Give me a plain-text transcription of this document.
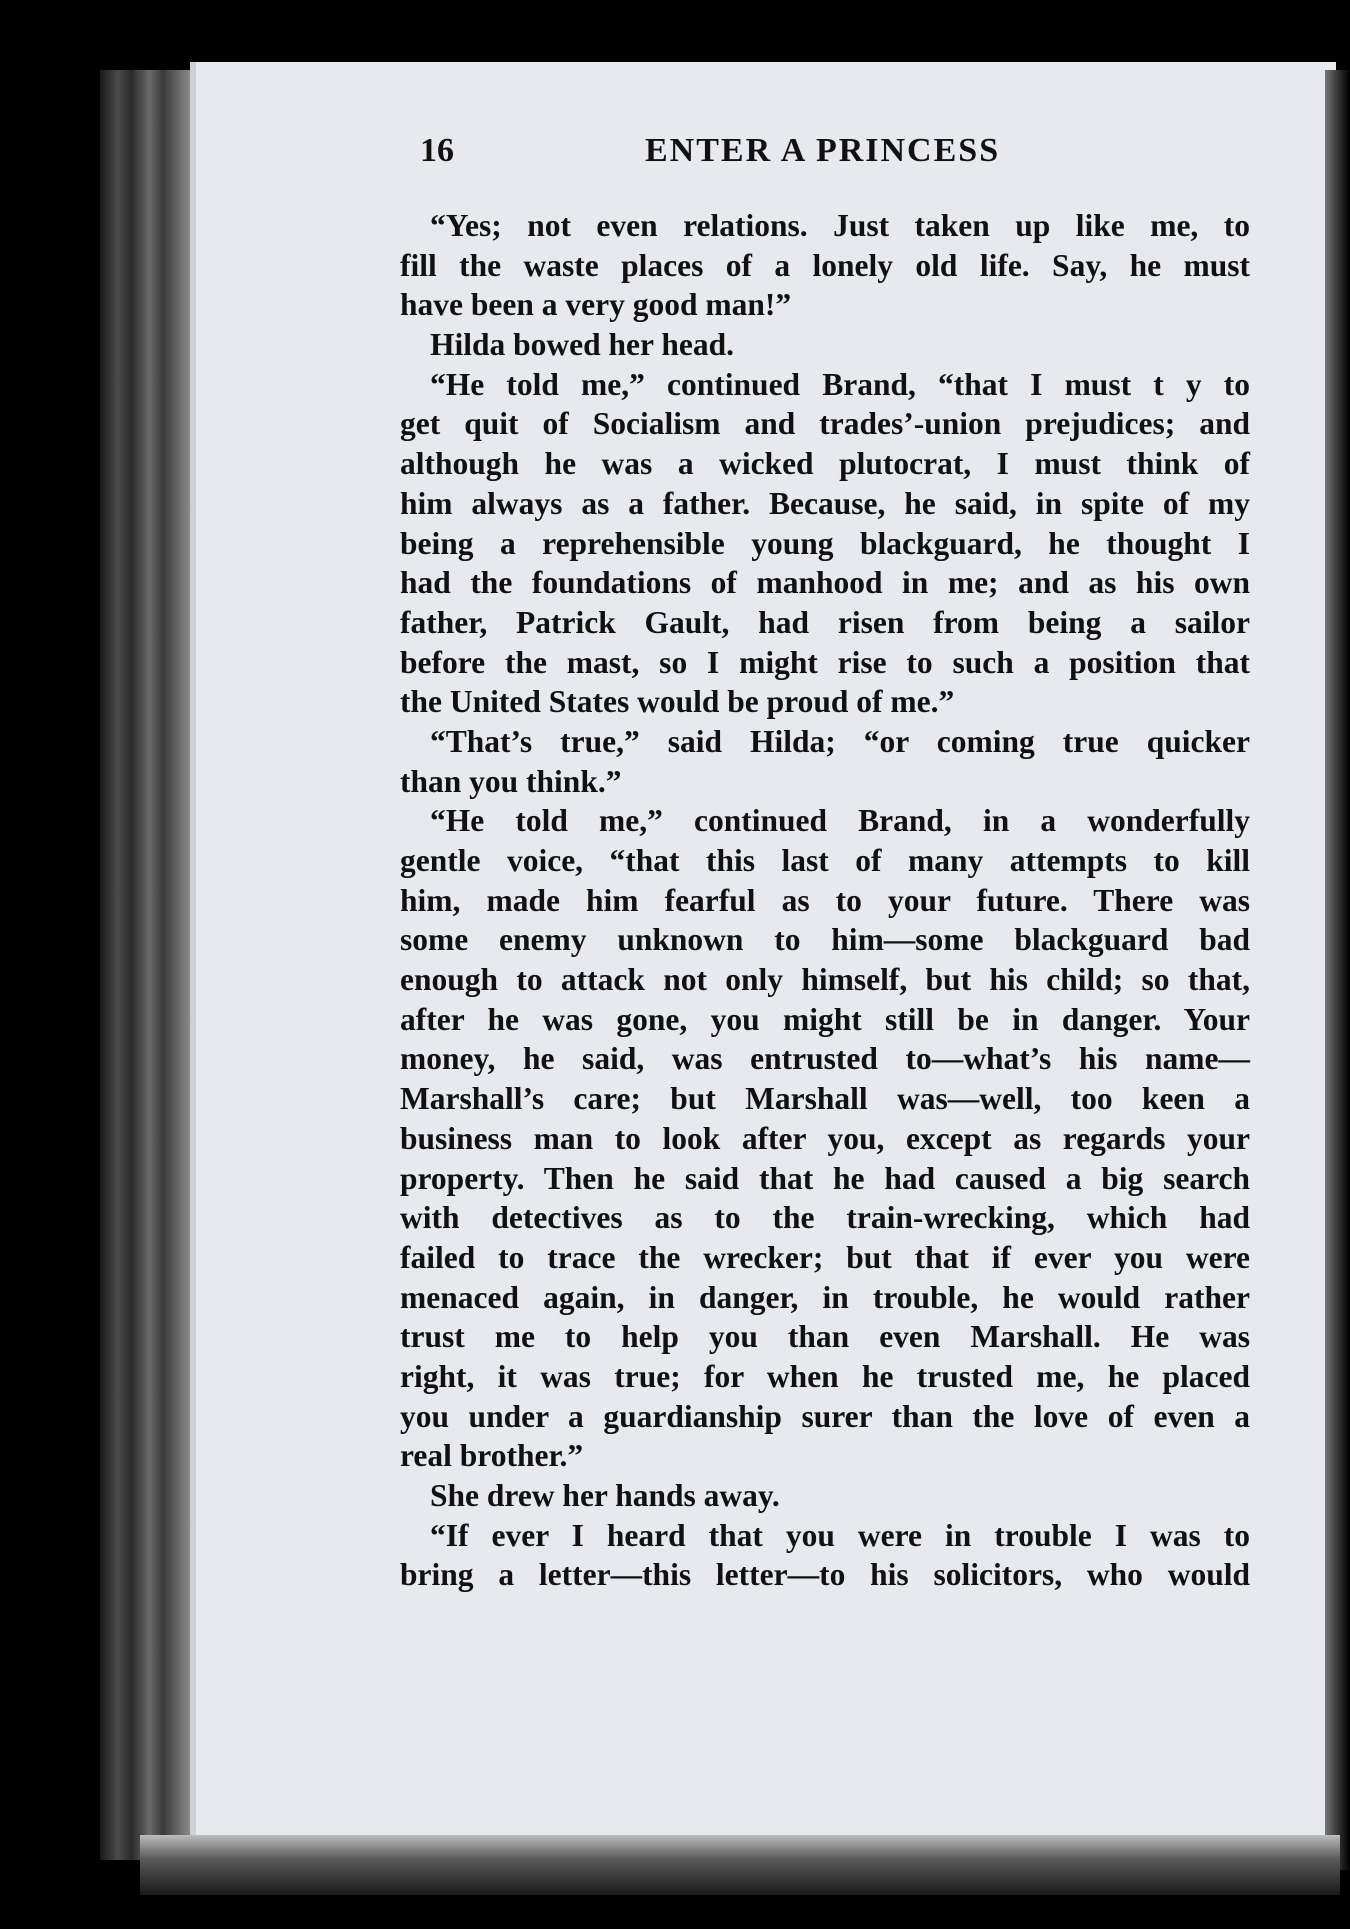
16	ENTER A PRINCESS
“Yes; not even relations. Just taken up like me, to
fill the waste places of a lonely old life. Say, he must
have been a very good man!”
Hilda bowed her head.
“He told me,” continued Brand, “that I must t y to
get quit of Socialism and trades’-union prejudices; and
although he was a wicked plutocrat, I must think of
him always as a father. Because, he said, in spite of my
being a reprehensible young blackguard, he thought I
had the foundations of manhood in me; and as his own
father, Patrick Gault, had risen from being a sailor
before the mast, so I might rise to such a position that
the United States would be proud of me.”
“That’s true,” said Hilda; “or coming true quicker
than you think.”
“He told me,” continued Brand, in a wonderfully
gentle voice, “that this last of many attempts to kill
him, made him fearful as to your future. There was
some enemy unknown to him—some blackguard bad
enough to attack not only himself, but his child; so that,
after he was gone, you might still be in danger. Your
money, he said, was entrusted to—what’s his name—
Marshall’s care; but Marshall was—well, too keen a
business man to look after you, except as regards your
property. Then he said that he had caused a big search
with detectives as to the train-wrecking, which had
failed to trace the wrecker; but that if ever you were
menaced again, in danger, in trouble, he would rather
trust me to help you than even Marshall. He was
right, it was true; for when he trusted me, he placed
you under a guardianship surer than the love of even a
real brother.”
She drew her hands away.
“If ever I heard that you were in trouble I was to
bring a letter—this letter—to his solicitors, who would
